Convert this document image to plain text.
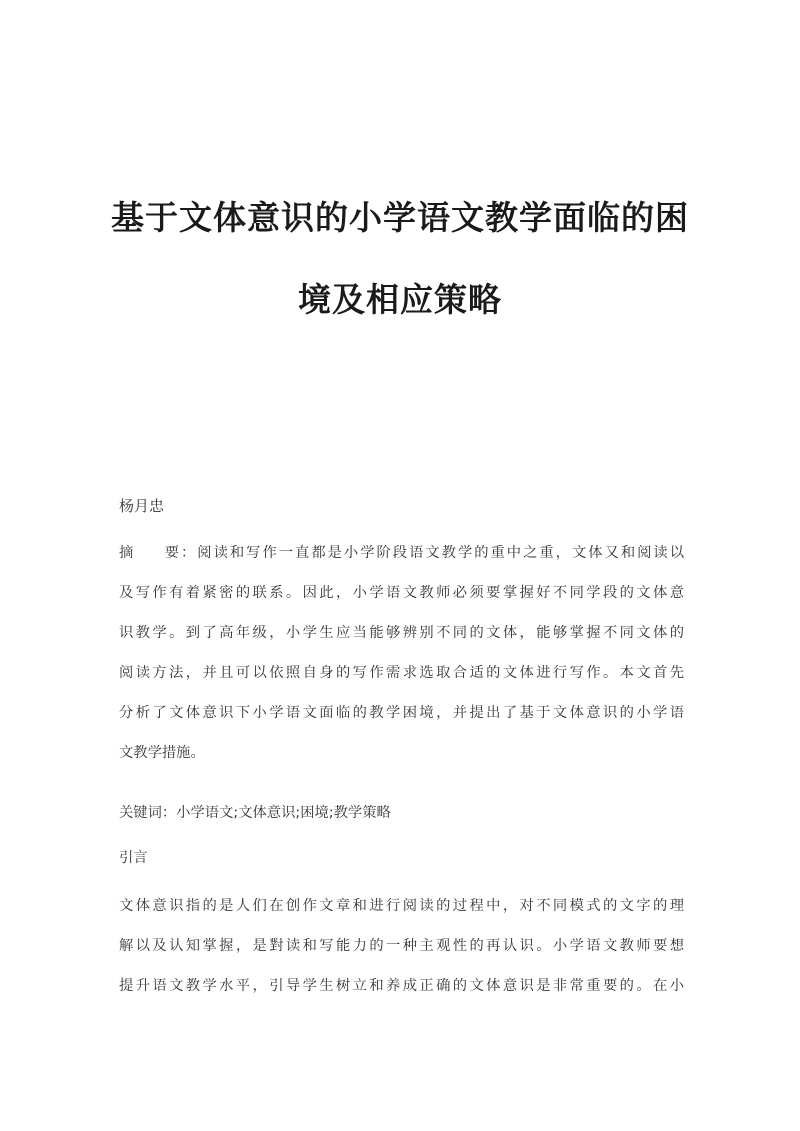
基于文体意识的小学语文教学面临的困
境及相应策略
杨月忠
摘要：阅读和写作一直都是小学阶段语文教学的重中之重，文体又和阅读以
及写作有着紧密的联系。因此，小学语文教师必须要掌握好不同学段的文体意
识教学。到了高年级，小学生应当能够辨别不同的文体，能够掌握不同文体的
阅读方法，并且可以依照自身的写作需求选取合适的文体进行写作。本文首先
分析了文体意识下小学语文面临的教学困境，并提出了基于文体意识的小学语
文教学措施。
关键词：小学语文;文体意识;困境;教学策略
引言
文体意识指的是人们在创作文章和进行阅读的过程中，对不同模式的文字的理
解以及认知掌握，是對读和写能力的一种主观性的再认识。小学语文教师要想
提升语文教学水平，引导学生树立和养成正确的文体意识是非常重要的。在小
